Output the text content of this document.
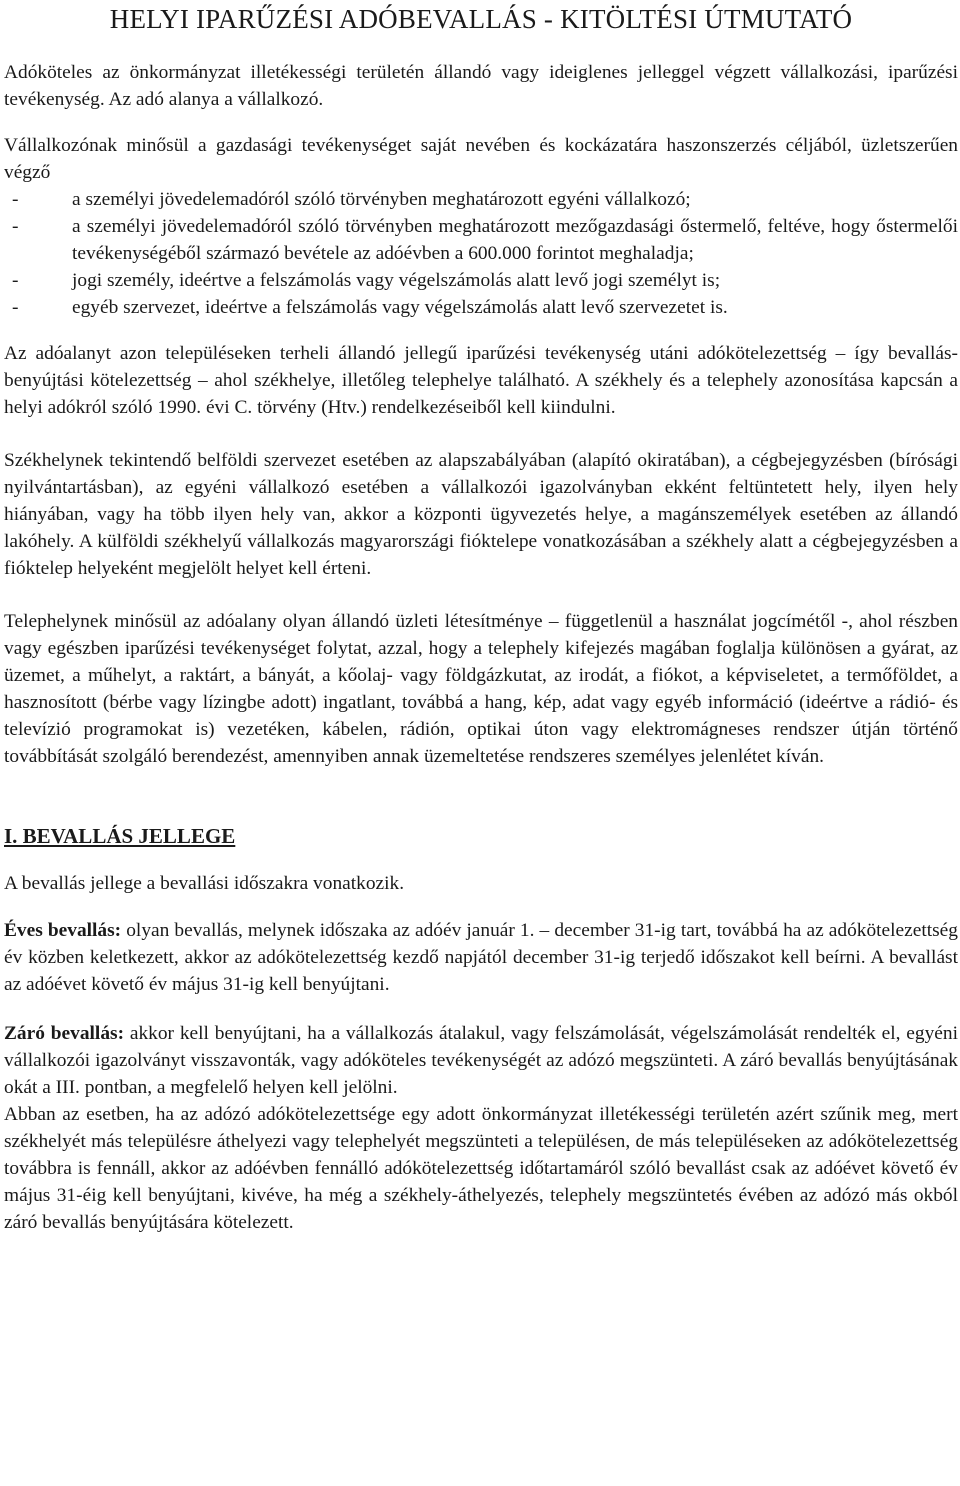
HELYI IPARŰZÉSI ADÓBEVALLÁS - KITÖLTÉSI ÚTMUTATÓ

Adóköteles az önkormányzat illetékességi területén állandó vagy ideiglenes jelleggel végzett vállalkozási, iparűzési tevékenység. Az adó alanya a vállalkozó.

Vállalkozónak minősül a gazdasági tevékenységet saját nevében és kockázatára haszonszerzés céljából, üzletszerűen végző

-	a személyi jövedelemadóról szóló törvényben meghatározott egyéni vállalkozó;
-	a személyi jövedelemadóról szóló törvényben meghatározott mezőgazdasági őstermelő, feltéve, hogy őstermelői tevékenységéből származó bevétele az adóévben a 600.000 forintot meghaladja;
-	jogi személy, ideértve a felszámolás vagy végelszámolás alatt levő jogi személyt is;
-	egyéb szervezet, ideértve a felszámolás vagy végelszámolás alatt levő szervezetet is.

Az adóalanyt azon településeken terheli állandó jellegű iparűzési tevékenység utáni adókötelezettség – így bevallás-benyújtási kötelezettség – ahol székhelye, illetőleg telephelye található. A székhely és a telephely azonosítása kapcsán a helyi adókról szóló 1990. évi C. törvény (Htv.) rendelkezéseiből kell kiindulni.

Székhelynek tekintendő belföldi szervezet esetében az alapszabályában (alapító okiratában), a cégbejegyzésben (bírósági nyilvántartásban), az egyéni vállalkozó esetében a vállalkozói igazolványban ekként feltüntetett hely, ilyen hely hiányában, vagy ha több ilyen hely van, akkor a központi ügyvezetés helye, a magánszemélyek esetében az állandó lakóhely. A külföldi székhelyű vállalkozás magyarországi fióktelepe vonatkozásában a székhely alatt a cégbejegyzésben a fióktelep helyeként megjelölt helyet kell érteni.

Telephelynek minősül az adóalany olyan állandó üzleti létesítménye – függetlenül a használat jogcímétől -, ahol részben vagy egészben iparűzési tevékenységet folytat, azzal, hogy a telephely kifejezés magában foglalja különösen a gyárat, az üzemet, a műhelyt, a raktárt, a bányát, a kőolaj- vagy földgázkutat, az irodát, a fiókot, a képviseletet, a termőföldet, a hasznosított (bérbe vagy lízingbe adott) ingatlant, továbbá a hang, kép, adat vagy egyéb információ (ideértve a rádió- és televízió programokat is) vezetéken, kábelen, rádión, optikai úton vagy elektromágneses rendszer útján történő továbbítását szolgáló berendezést, amennyiben annak üzemeltetése rendszeres személyes jelenlétet kíván.

I. BEVALLÁS JELLEGE

A bevallás jellege a bevallási időszakra vonatkozik.

Éves bevallás: olyan bevallás, melynek időszaka az adóév január 1. – december 31-ig tart, továbbá ha az adókötelezettség év közben keletkezett, akkor az adókötelezettség kezdő napjától december 31-ig terjedő időszakot kell beírni. A bevallást az adóévet követő év május 31-ig kell benyújtani.

Záró bevallás: akkor kell benyújtani, ha a vállalkozás átalakul, vagy felszámolását, végelszámolását rendelték el, egyéni vállalkozói igazolványt visszavonták, vagy adóköteles tevékenységét az adózó megszünteti. A záró bevallás benyújtásának okát a III. pontban, a megfelelő helyen kell jelölni.

Abban az esetben, ha az adózó adókötelezettsége egy adott önkormányzat illetékességi területén azért szűnik meg, mert székhelyét más településre áthelyezi vagy telephelyét megszünteti a településen, de más településeken az adókötelezettség továbbra is fennáll, akkor az adóévben fennálló adókötelezettség időtartamáról szóló bevallást csak az adóévet követő év május 31-éig kell benyújtani, kivéve, ha még a székhely-áthelyezés, telephely megszüntetés évében az adózó más okból záró bevallás benyújtására kötelezett.
